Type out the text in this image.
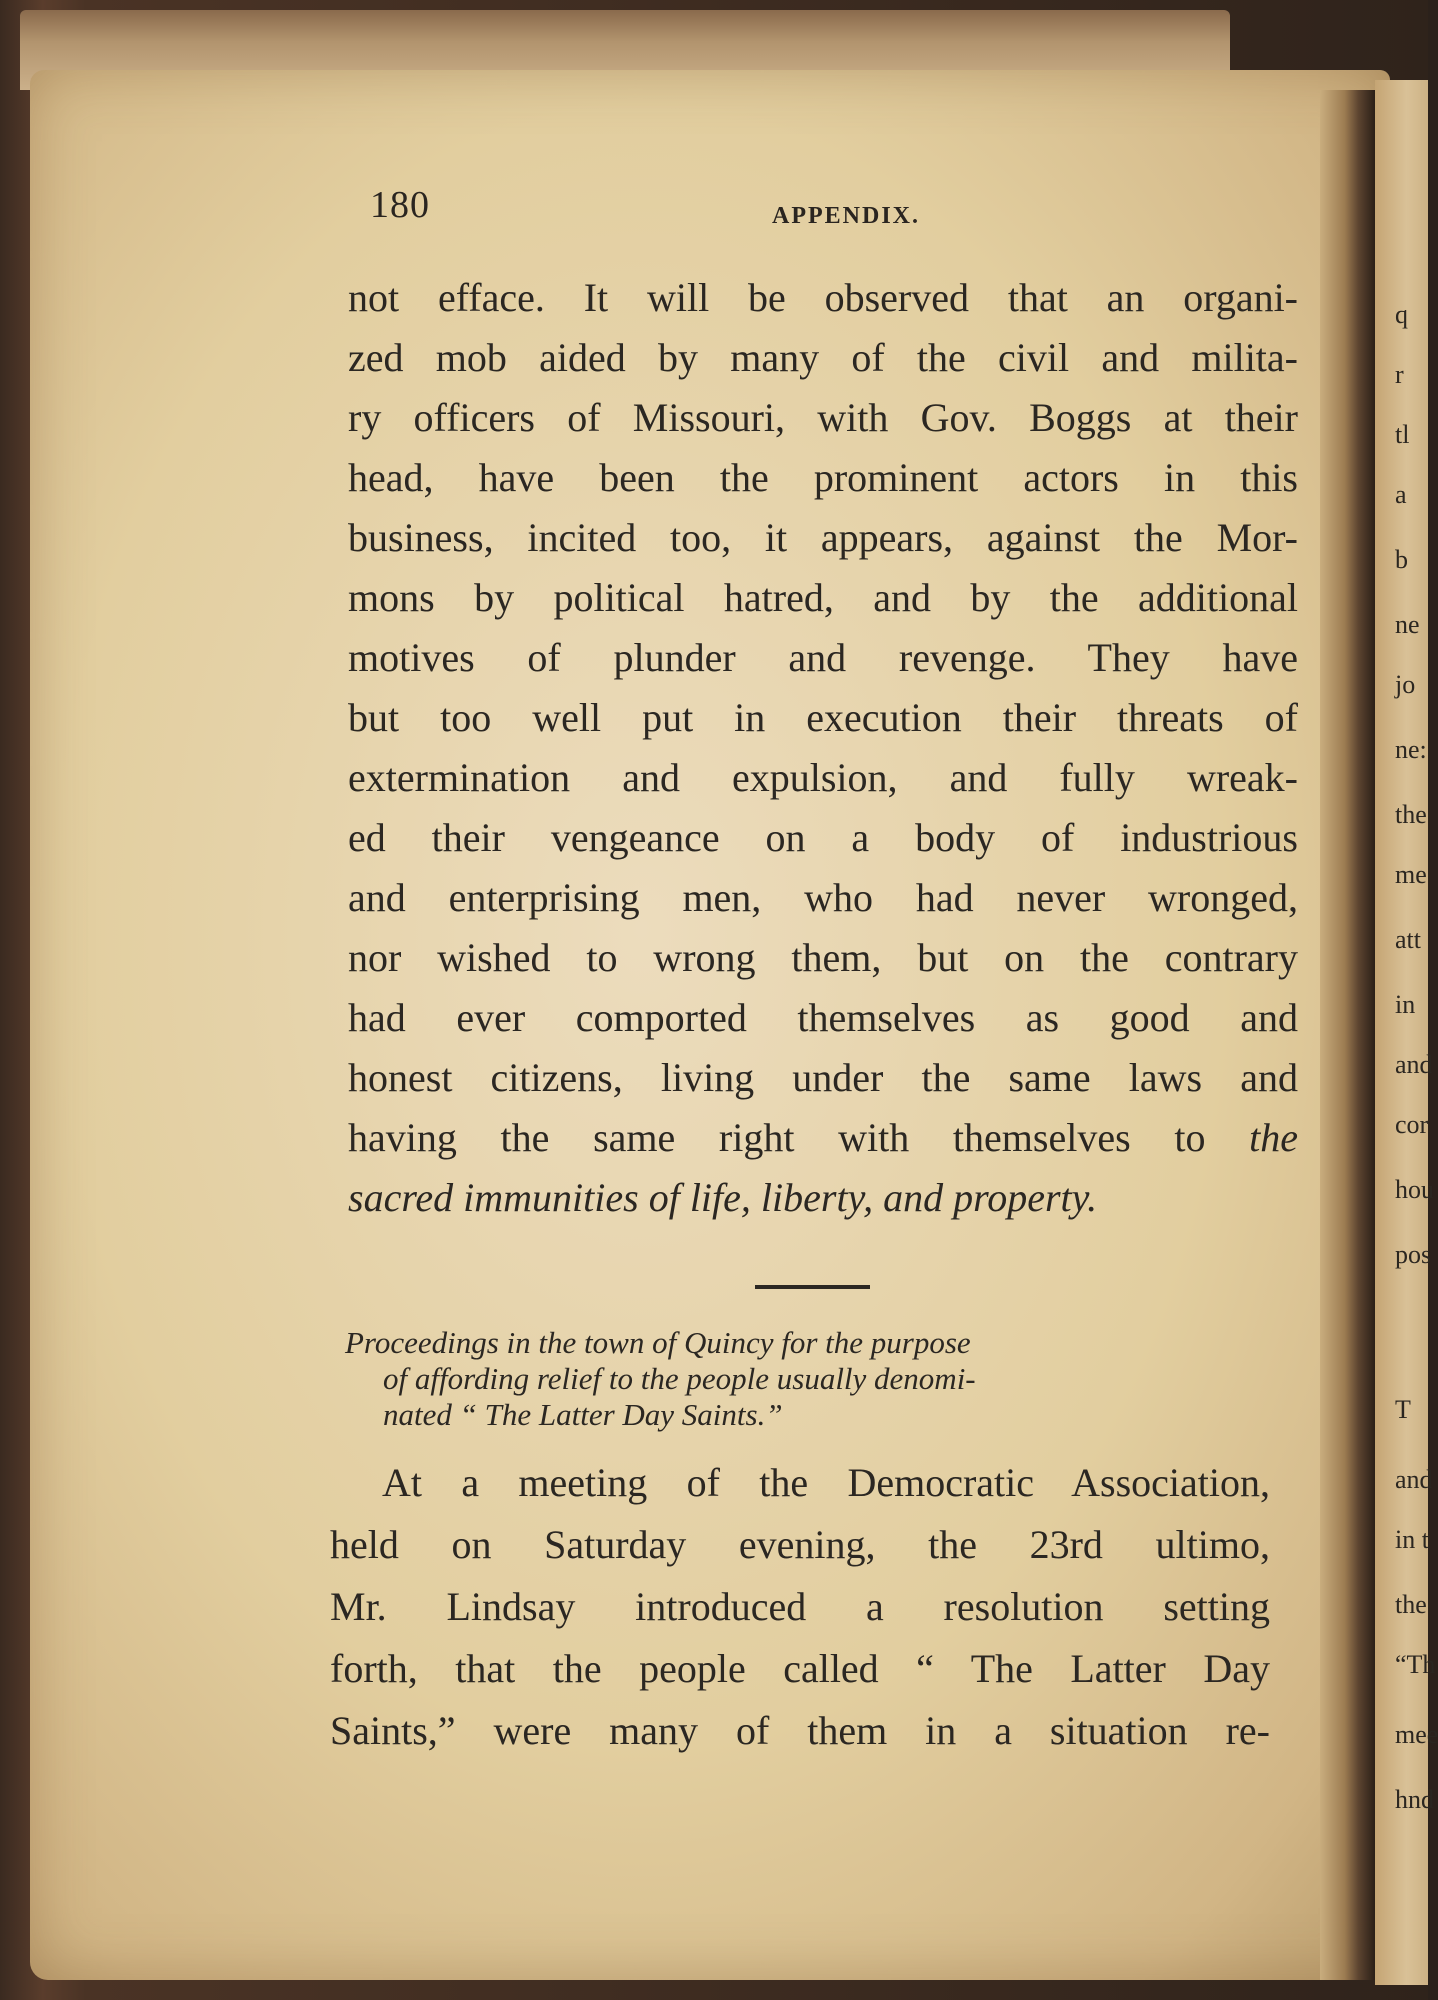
q
r
tl
a
b
ne
jo
ne:
the
me
att
in
and
cor
hou
pos
T
and
in t
the
“Th
mee
hnd
180	APPENDIX.
not efface. It will be observed that an organi-
zed mob aided by many of the civil and milita-
ry officers of Missouri, with Gov. Boggs at their
head, have been the prominent actors in this
business, incited too, it appears, against the Mor-
mons by political hatred, and by the additional
motives of plunder and revenge. They have
but too well put in execution their threats of
extermination and expulsion, and fully wreak-
ed their vengeance on a body of industrious
and enterprising men, who had never wronged,
nor wished to wrong them, but on the contrary
had ever comported themselves as good and
honest citizens, living under the same laws and
having the same right with themselves to the
sacred immunities of life, liberty, and property.
Proceedings in the town of Quincy for the purpose
of affording relief to the people usually denomi-
nated “ The Latter Day Saints.”
At a meeting of the Democratic Association,
held on Saturday evening, the 23rd ultimo,
Mr. Lindsay introduced a resolution setting
forth, that the people called “ The Latter Day
Saints,” were many of them in a situation re-
